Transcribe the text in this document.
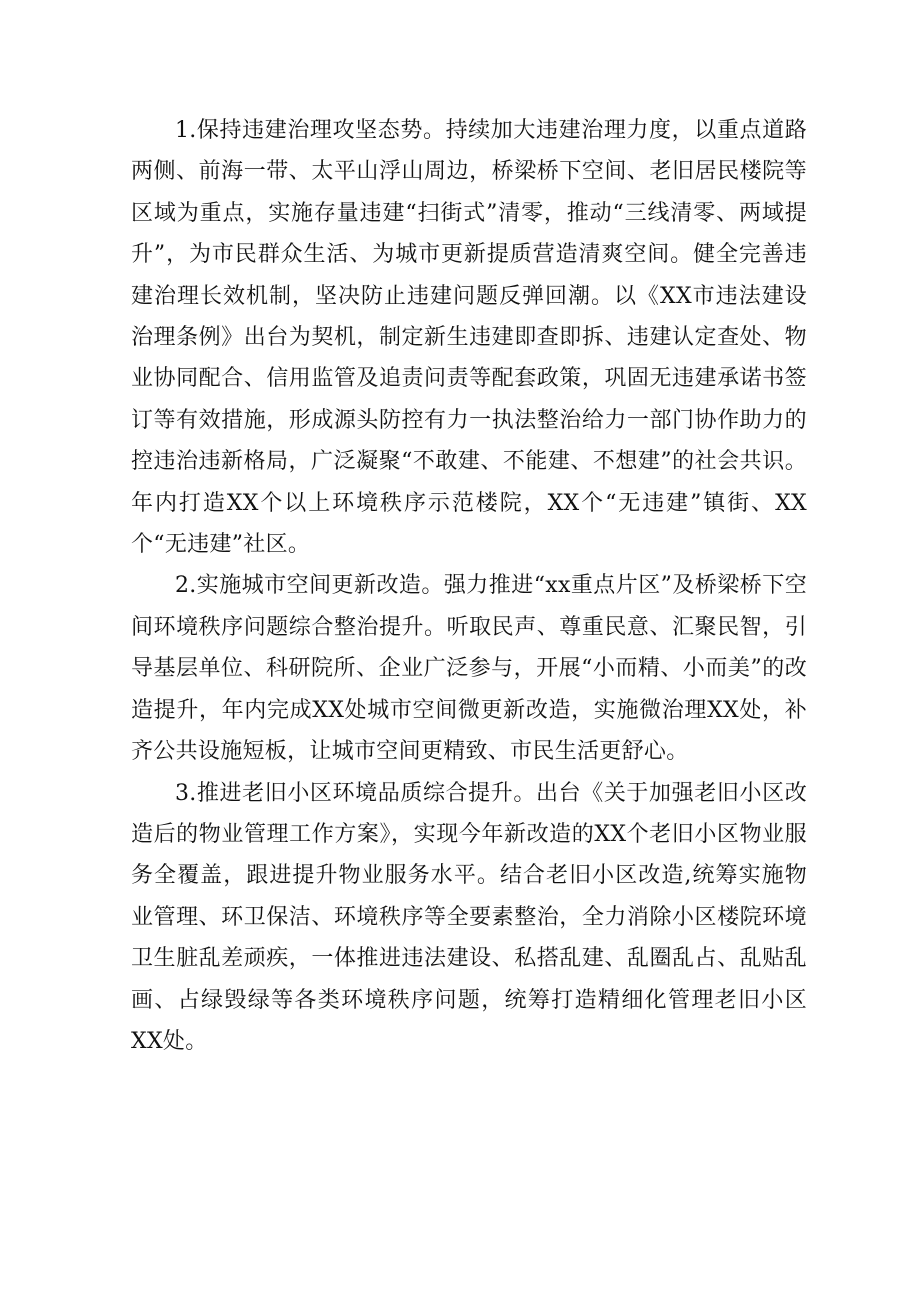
1.保持违建治理攻坚态势。持续加大违建治理力度，以重点道路两侧、前海一带、太平山浮山周边，桥梁桥下空间、老旧居民楼院等区域为重点，实施存量违建“扫街式”清零，推动“三线清零、两域提升”，为市民群众生活、为城市更新提质营造清爽空间。健全完善违建治理长效机制，坚决防止违建问题反弹回潮。以《XX市违法建设治理条例》出台为契机，制定新生违建即查即拆、违建认定查处、物业协同配合、信用监管及追责问责等配套政策，巩固无违建承诺书签订等有效措施，形成源头防控有力一执法整治给力一部门协作助力的控违治违新格局，广泛凝聚“不敢建、不能建、不想建”的社会共识。年内打造XX个以上环境秩序示范楼院，XX个“无违建”镇街、XX个“无违建”社区。

2.实施城市空间更新改造。强力推进“xx重点片区”及桥梁桥下空间环境秩序问题综合整治提升。听取民声、尊重民意、汇聚民智，引导基层单位、科研院所、企业广泛参与，开展“小而精、小而美”的改造提升，年内完成XX处城市空间微更新改造，实施微治理XX处，补齐公共设施短板，让城市空间更精致、市民生活更舒心。

3.推进老旧小区环境品质综合提升。出台《关于加强老旧小区改造后的物业管理工作方案》，实现今年新改造的XX个老旧小区物业服务全覆盖，跟进提升物业服务水平。结合老旧小区改造,统筹实施物业管理、环卫保洁、环境秩序等全要素整治，全力消除小区楼院环境卫生脏乱差顽疾，一体推进违法建设、私搭乱建、乱圈乱占、乱贴乱画、占绿毁绿等各类环境秩序问题，统筹打造精细化管理老旧小区XX处。
